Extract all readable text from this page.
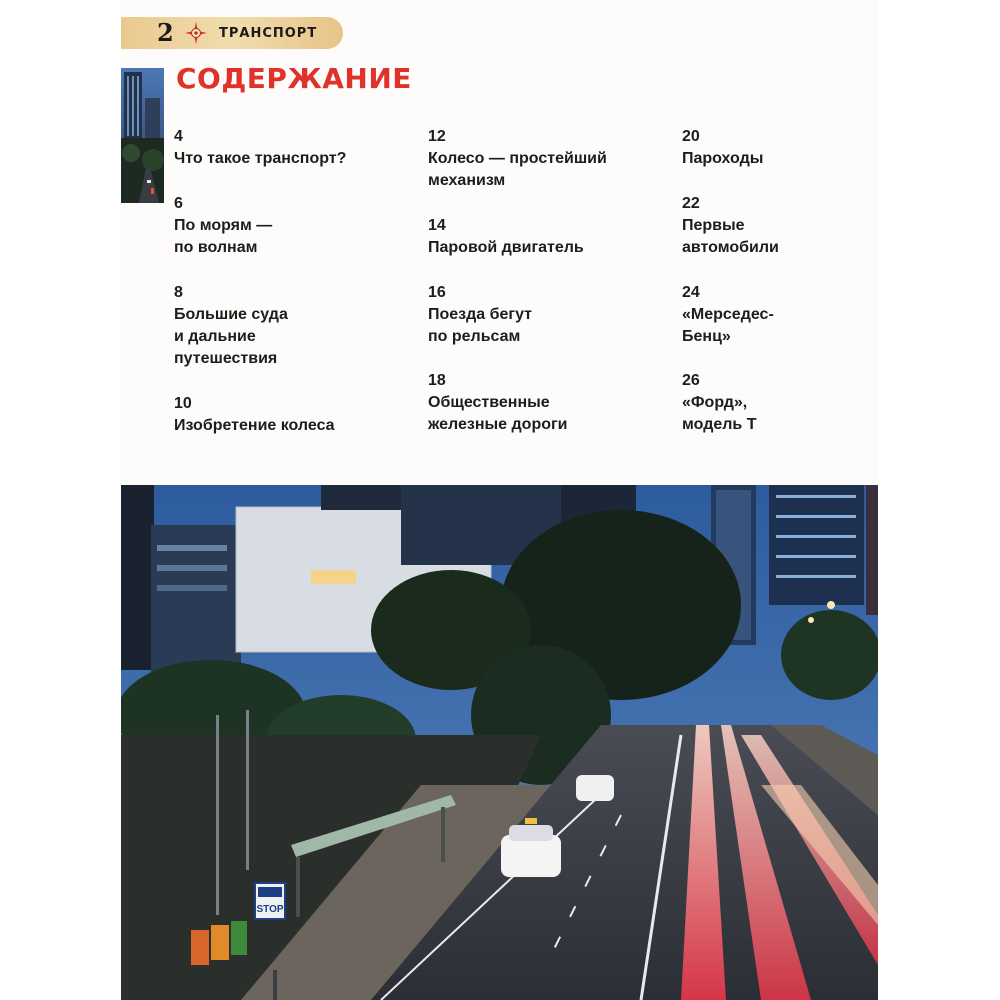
2	ТРАНСПОРТ
СОДЕРЖАНИЕ
4
Что такое транспорт?
6
По морям —
по волнам
8
Большие суда
и дальние
путешествия
10
Изобретение колеса
12
Колесо — простейший
механизм
14
Паровой двигатель
16
Поезда бегут
по рельсам
18
Общественные
железные дороги
20
Пароходы
22
Первые
автомобили
24
«Мерседес-
Бенц»
26
«Форд»,
модель Т
STOP
